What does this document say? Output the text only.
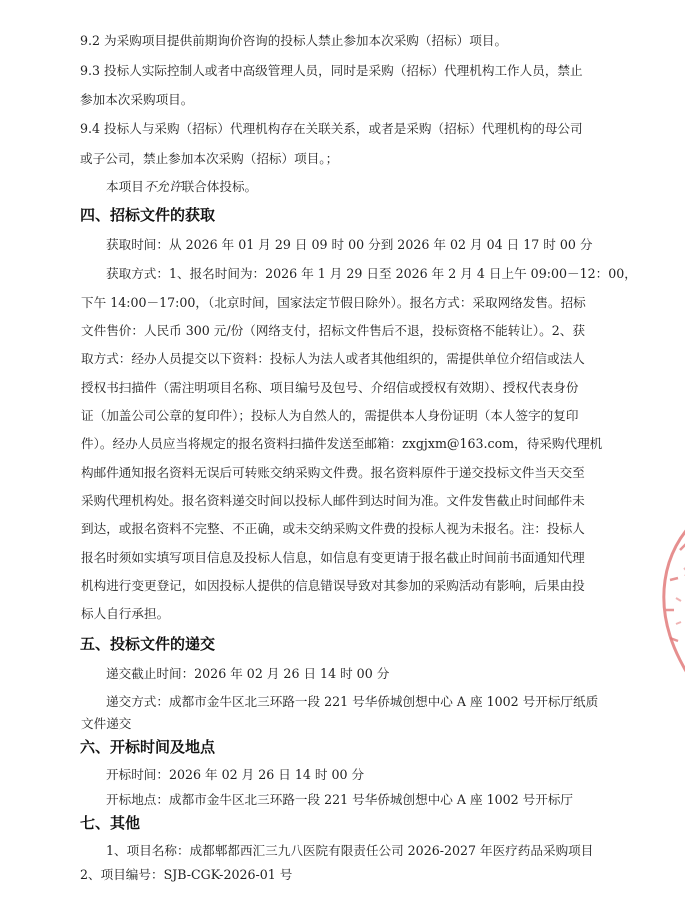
9.2 为采购项目提供前期询价咨询的投标人禁止参加本次采购（招标）项目。

9.3 投标人实际控制人或者中高级管理人员，同时是采购（招标）代理机构工作人员，禁止

参加本次采购项目。

9.4 投标人与采购（招标）代理机构存在关联关系，或者是采购（招标）代理机构的母公司

或子公司，禁止参加本次采购（招标）项目。；

本项目不允许联合体投标。

四、招标文件的获取

获取时间：从 2026 年 01 月 29 日 09 时 00 分到 2026 年 02 月 04 日 17 时 00 分

获取方式：1、报名时间为：2026 年 1 月 29 日至 2026 年 2 月 4 日上午 09:00－12：00，

下午 14:00－17:00，（北京时间，国家法定节假日除外）。报名方式：采取网络发售。招标

文件售价：人民币 300 元/份（网络支付，招标文件售后不退，投标资格不能转让）。2、获

取方式：经办人员提交以下资料：投标人为法人或者其他组织的，需提供单位介绍信或法人

授权书扫描件（需注明项目名称、项目编号及包号、介绍信或授权有效期）、授权代表身份

证（加盖公司公章的复印件）；投标人为自然人的，需提供本人身份证明（本人签字的复印

件）。经办人员应当将规定的报名资料扫描件发送至邮箱：zxgjxm@163.com，待采购代理机

构邮件通知报名资料无误后可转账交纳采购文件费。报名资料原件于递交投标文件当天交至

采购代理机构处。报名资料递交时间以投标人邮件到达时间为准。文件发售截止时间邮件未

到达，或报名资料不完整、不正确，或未交纳采购文件费的投标人视为未报名。注：投标人

报名时须如实填写项目信息及投标人信息，如信息有变更请于报名截止时间前书面通知代理

机构进行变更登记，如因投标人提供的信息错误导致对其参加的采购活动有影响，后果由投

标人自行承担。

五、投标文件的递交

递交截止时间：2026 年 02 月 26 日 14 时 00 分

递交方式：成都市金牛区北三环路一段 221 号华侨城创想中心 A 座 1002 号开标厅纸质

文件递交

六、开标时间及地点

开标时间：2026 年 02 月 26 日 14 时 00 分

开标地点：成都市金牛区北三环路一段 221 号华侨城创想中心 A 座 1002 号开标厅

七、其他

1、项目名称：成都郫都西汇三九八医院有限责任公司 2026-2027 年医疗药品采购项目

2、项目编号：SJB-CGK-2026-01 号
